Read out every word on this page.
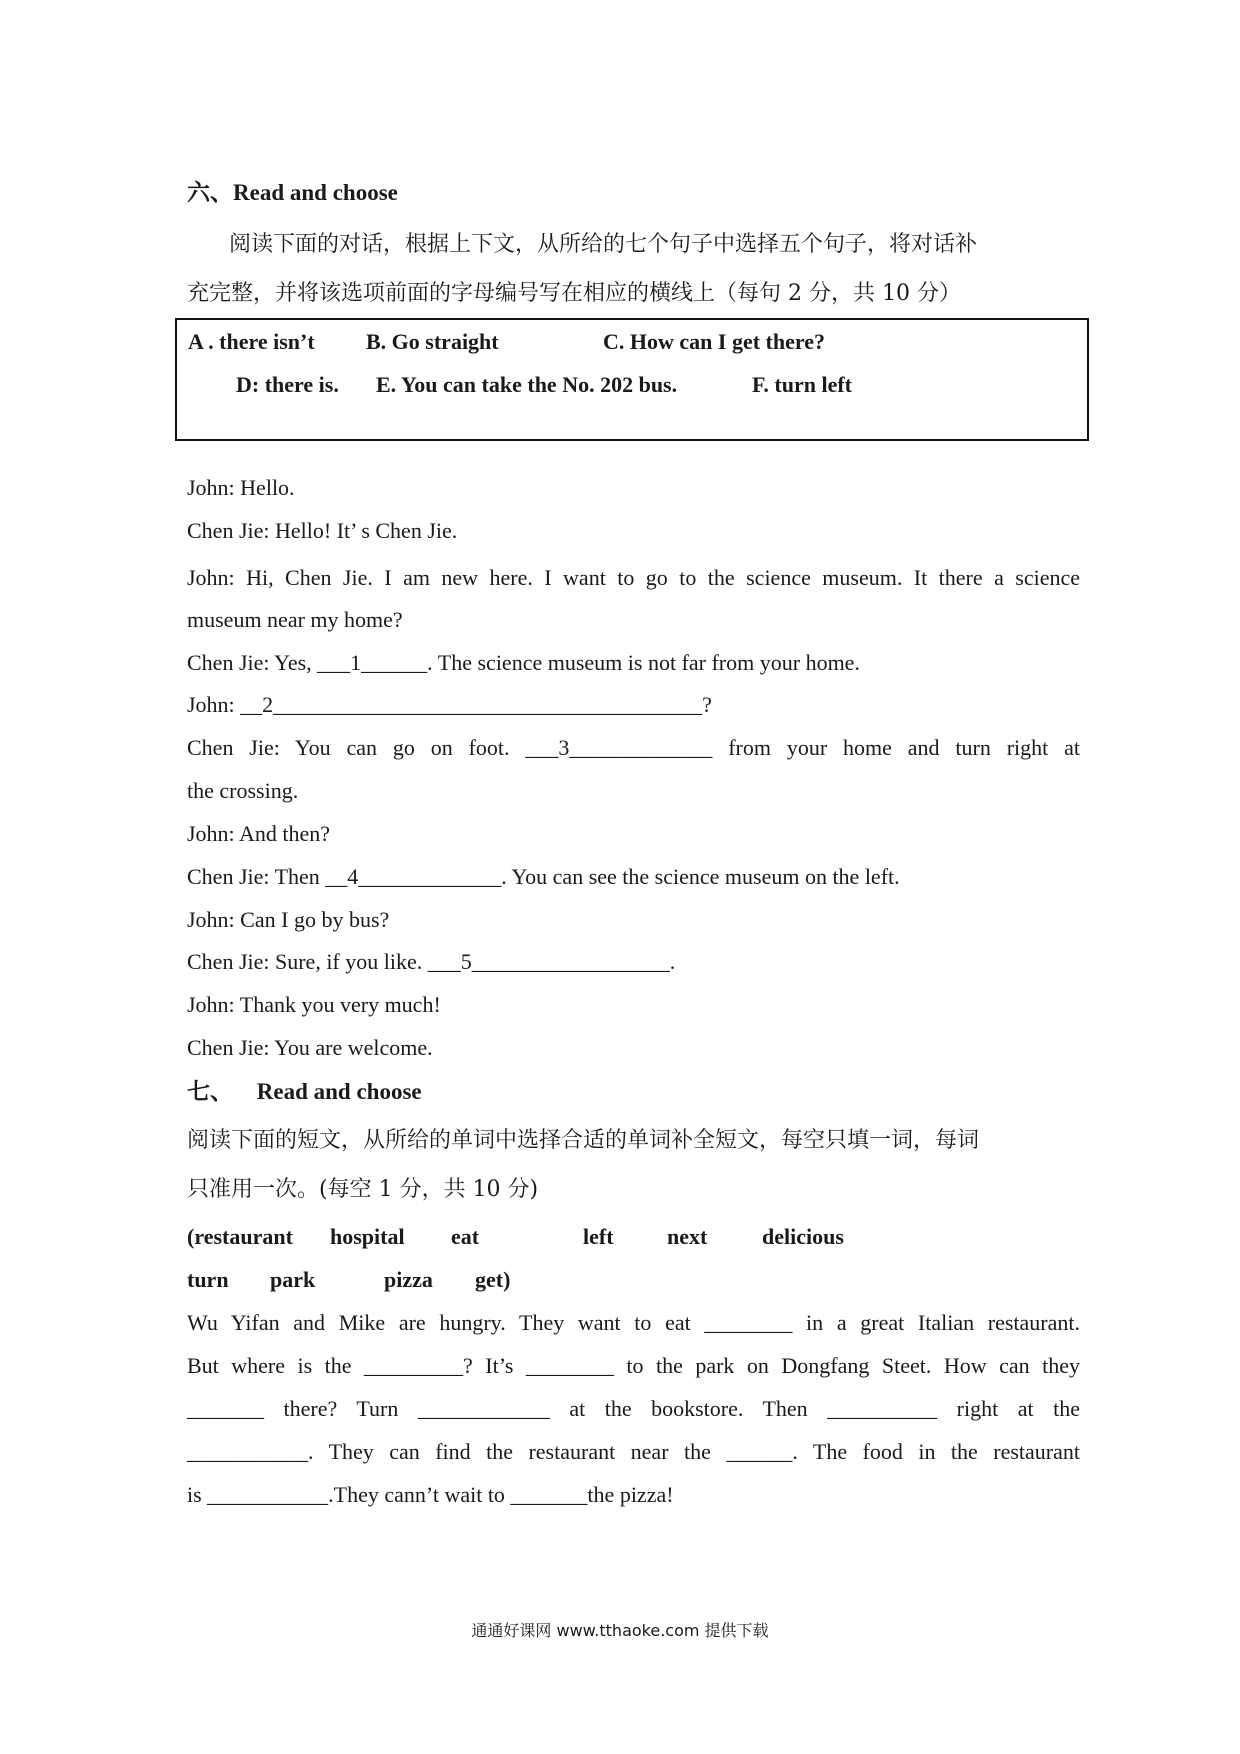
六、Read and choose
阅读下面的对话，根据上下文，从所给的七个句子中选择五个句子，将对话补
充完整，并将该选项前面的字母编号写在相应的横线上（每句 2 分，共 10 分）
A . there isn’t B. Go straight	C. How can I get there?
D: there is. E. You can take the No. 202 bus.	F. turn left
John: Hello.
Chen Jie: Hello! It’ s Chen Jie.
John: Hi, Chen Jie. I am new here. I want to go to the science museum. It there a science
museum near my home?
Chen Jie: Yes, ___1______. The science museum is not far from your home.
John: __2_______________________________________?
Chen Jie: You can go on foot. ___3_____________ from your home and turn right at
the crossing.
John: And then?
Chen Jie: Then __4_____________. You can see the science museum on the left.
John: Can I go by bus?
Chen Jie: Sure, if you like. ___5__________________.
John: Thank you very much!
Chen Jie: You are welcome.
七、 Read and choose
阅读下面的短文，从所给的单词中选择合适的单词补全短文，每空只填一词，每词
只准用一次。(每空 1 分，共 10 分)
(restaurant hospital eat	left next delicious
turn park	pizza get)
Wu Yifan and Mike are hungry. They want to eat ________ in a great Italian restaurant.
But where is the _________? It’s ________ to the park on Dongfang Steet. How can they
_______ there? Turn ____________ at the bookstore. Then __________ right at the
___________. They can find the restaurant near the ______. The food in the restaurant
is ___________.They cann’t wait to _______the pizza!
通通好课网 www.tthaoke.com 提供下载
